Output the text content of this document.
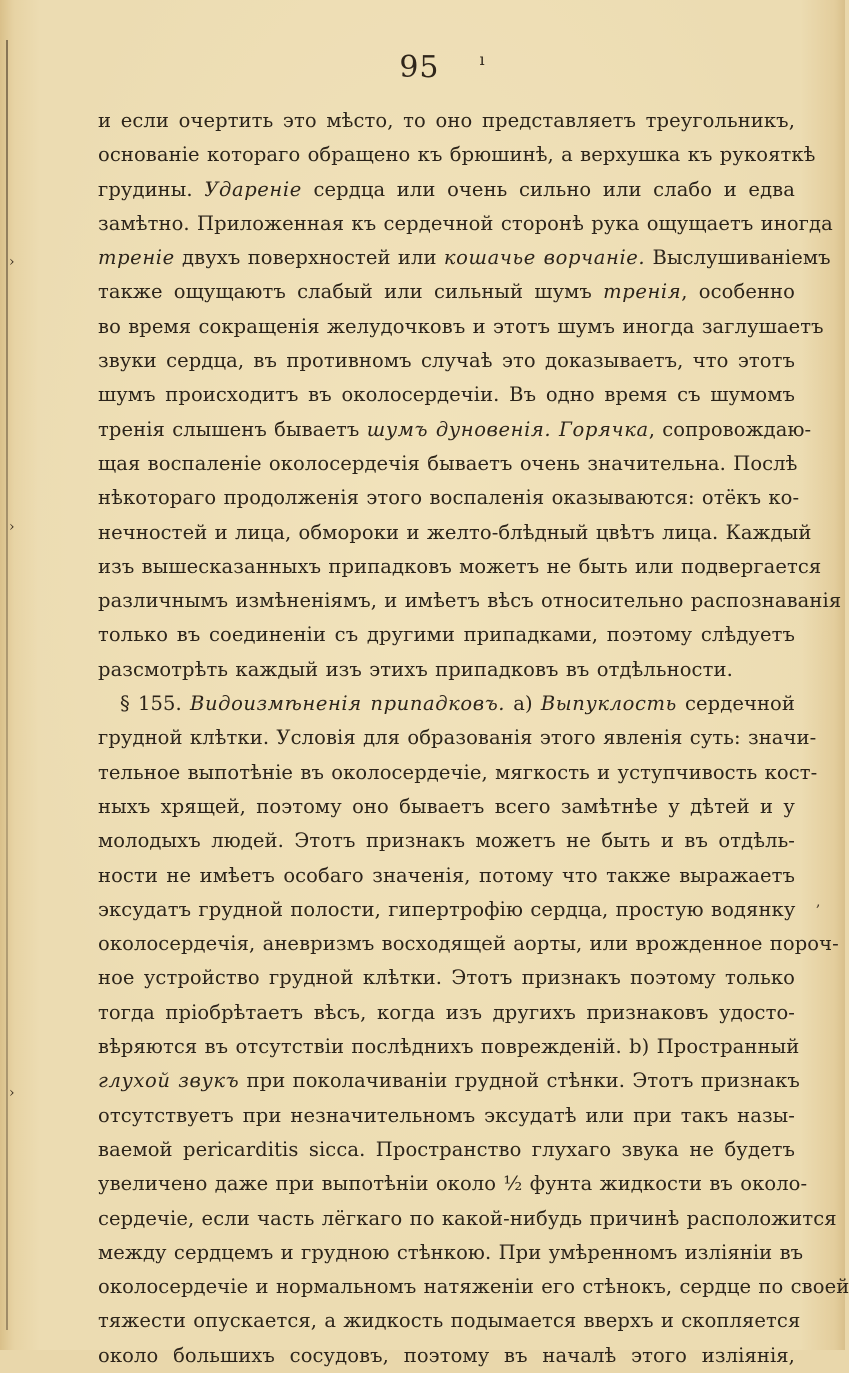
›
›
›
,
95	$^ı$
и если очертить это мѣсто, то оно представляетъ треугольникъ,
основаніе котораго обращено къ брюшинѣ, а верхушка къ рукояткѣ
грудины. Удареніе сердца или очень сильно или слабо и едва
замѣтно. Приложенная къ сердечной сторонѣ рука ощущаетъ иногда
треніе двухъ поверхностей или кошачье ворчаніе. Выслушиваніемъ
также ощущаютъ слабый или сильный шумъ тренія, особенно
во время сокращенія желудочковъ и этотъ шумъ иногда заглушаетъ
звуки сердца, въ противномъ случаѣ это доказываетъ, что этотъ
шумъ происходитъ въ околосердечіи. Въ одно время съ шумомъ
тренія слышенъ бываетъ шумъ дуновенія. Горячка, сопровождаю-
щая воспаленіе околосердечія бываетъ очень значительна. Послѣ
нѣкотораго продолженія этого воспаленія оказываются: отёкъ ко-
нечностей и лица, обмороки и желто-блѣдный цвѣтъ лица. Каждый
изъ вышесказанныхъ припадковъ можетъ не быть или подвергается
различнымъ измѣненіямъ, и имѣетъ вѣсъ относительно распознаванія
только въ соединеніи съ другими припадками, поэтому слѣдуетъ
разсмотрѣть каждый изъ этихъ припадковъ въ отдѣльности.
§ 155. Видоизмѣненія припадковъ. a) Выпуклость сердечной
грудной клѣтки. Условія для образованія этого явленія суть: значи-
тельное выпотѣніе въ околосердечіе, мягкость и уступчивость кост-
ныхъ хрящей, поэтому оно бываетъ всего замѣтнѣе у дѣтей и у
молодыхъ людей. Этотъ признакъ можетъ не быть и въ отдѣль-
ности не имѣетъ особаго значенія, потому что также выражаетъ
эксудатъ грудной полости, гипертрофію сердца, простую водянку
околосердечія, аневризмъ восходящей аорты, или врожденное пороч-
ное устройство грудной клѣтки. Этотъ признакъ поэтому только
тогда пріобрѣтаетъ вѣсъ, когда изъ другихъ признаковъ удосто-
вѣряются въ отсутствіи послѣднихъ поврежденій. b) Пространный
глухой звукъ при поколачиваніи грудной стѣнки. Этотъ признакъ
отсутствуетъ при незначительномъ эксудатѣ или при такъ назы-
ваемой pericarditis sicca. Пространство глухаго звука не будетъ
увеличено даже при выпотѣніи около ½ фунта жидкости въ около-
сердечіе, если часть лёгкаго по какой-нибудь причинѣ расположится
между сердцемъ и грудною стѣнкою. При умѣренномъ изліяніи въ
околосердечіе и нормальномъ натяженіи его стѣнокъ, сердце по своей
тяжести опускается, а жидкость подымается вверхъ и скопляется
около большихъ сосудовъ, поэтому въ началѣ этого изліянія,
